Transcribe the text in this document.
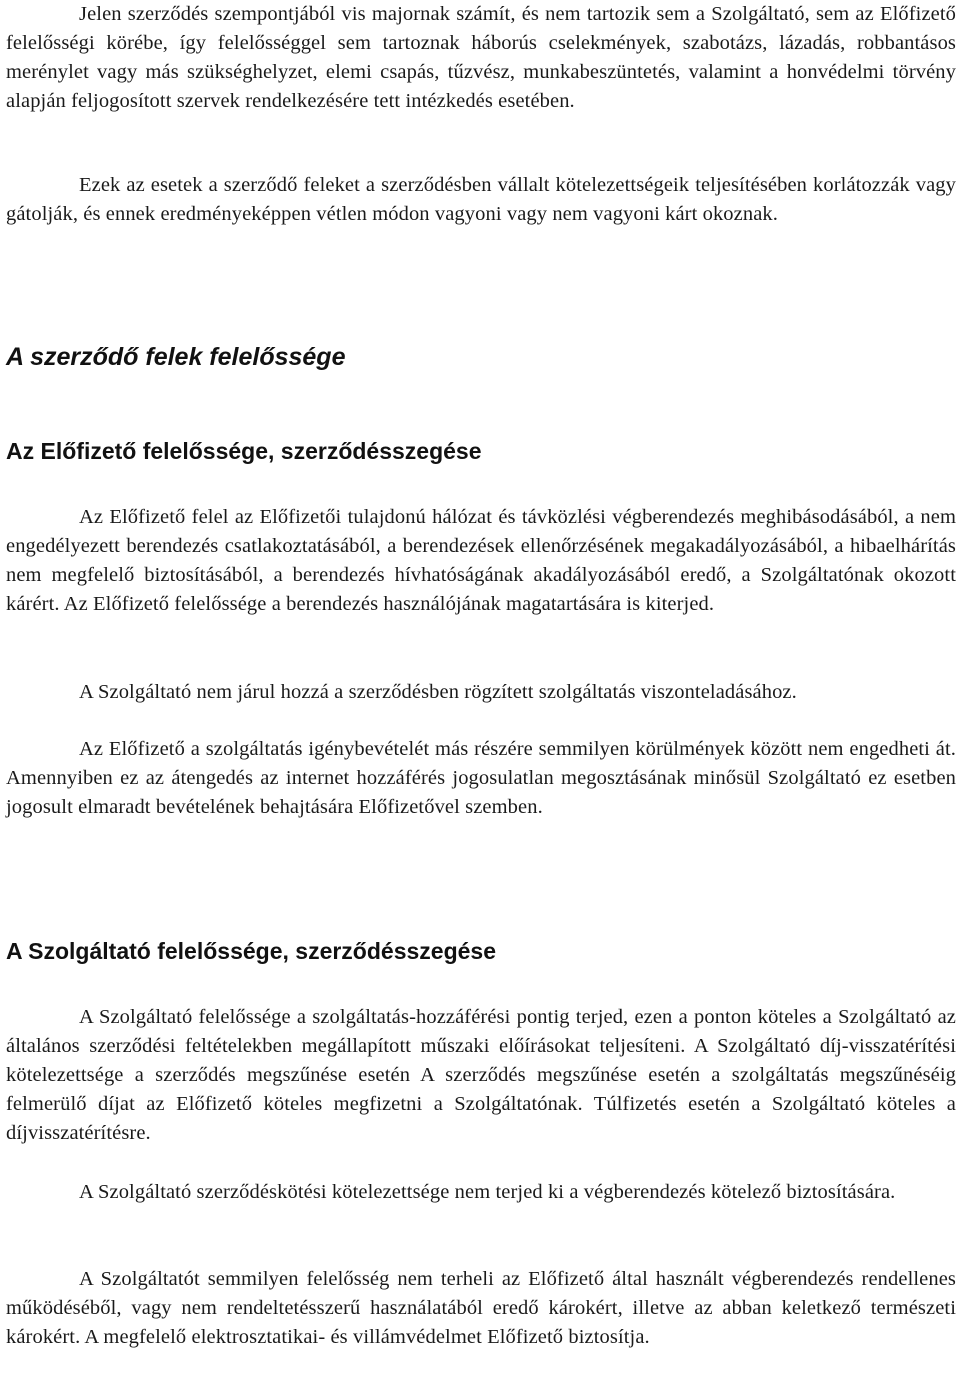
Jelen szerződés szempontjából vis majornak számít, és nem tartozik sem a Szolgáltató, sem az Előfizető felelősségi körébe, így felelősséggel sem tartoznak háborús cselekmények, szabotázs, lázadás, robbantásos merénylet vagy más szükséghelyzet, elemi csapás, tűzvész, munkabeszüntetés, valamint a honvédelmi törvény alapján feljogosított szervek rendelkezésére tett intézkedés esetében.

Ezek az esetek a szerződő feleket a szerződésben vállalt kötelezettségeik teljesítésében korlátozzák vagy gátolják, és ennek eredményeképpen vétlen módon vagyoni vagy nem vagyoni kárt okoznak.

A szerződő felek felelőssége
Az Előfizető felelőssége, szerződésszegése

Az Előfizető felel az Előfizetői tulajdonú hálózat és távközlési végberendezés meghibásodásából, a nem engedélyezett berendezés csatlakoztatásából, a berendezések ellenőrzésének megakadályozásából, a hibaelhárítás nem megfelelő biztosításából, a berendezés hívhatóságának akadályozásából eredő, a Szolgáltatónak okozott kárért. Az Előfizető felelőssége a berendezés használójának magatartására is kiterjed.

A Szolgáltató nem járul hozzá a szerződésben rögzített szolgáltatás viszonteladásához.

Az Előfizető a szolgáltatás igénybevételét más részére semmilyen körülmények között nem engedheti át. Amennyiben ez az átengedés az internet hozzáférés jogosulatlan megosztásának minősül Szolgáltató ez esetben jogosult elmaradt bevételének behajtására Előfizetővel szemben.

A Szolgáltató felelőssége, szerződésszegése

A Szolgáltató felelőssége a szolgáltatás-hozzáférési pontig terjed, ezen a ponton köteles a Szolgáltató az általános szerződési feltételekben megállapított műszaki előírásokat teljesíteni. A Szolgáltató díj-visszatérítési kötelezettsége a szerződés megszűnése esetén A szerződés megszűnése esetén a szolgáltatás megszűnéséig felmerülő díjat az Előfizető köteles megfizetni a Szolgáltatónak. Túlfizetés esetén a Szolgáltató köteles a díjvisszatérítésre.

A Szolgáltató szerződéskötési kötelezettsége nem terjed ki a végberendezés kötelező biztosítására.

A Szolgáltatót semmilyen felelősség nem terheli az Előfizető által használt végberendezés rendellenes működéséből, vagy nem rendeltetésszerű használatából eredő károkért, illetve az abban keletkező természeti károkért. A megfelelő elektrosztatikai- és villámvédelmet Előfizető biztosítja.
